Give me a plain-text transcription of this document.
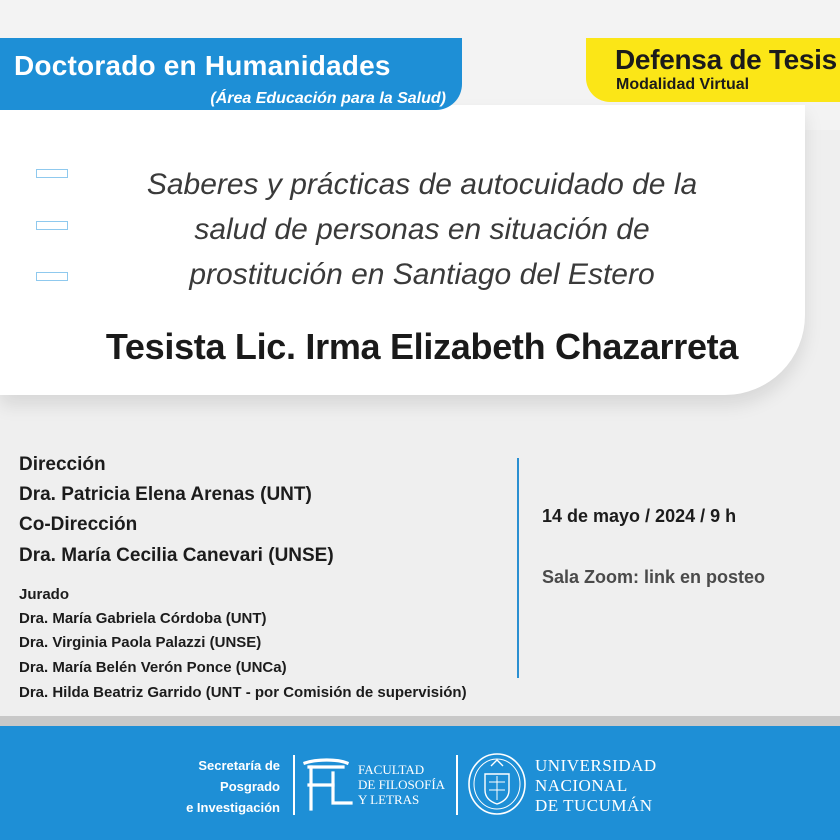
Doctorado en Humanidades
(Área Educación para la Salud)
Defensa de Tesis
Modalidad Virtual
Saberes y prácticas de autocuidado de la
salud de personas en situación de
prostitución en Santiago del Estero
Tesista Lic. Irma Elizabeth Chazarreta
Dirección
Dra. Patricia Elena Arenas (UNT)
Co-Dirección
Dra. María Cecilia Canevari (UNSE)
Jurado
Dra. María Gabriela Córdoba (UNT)
Dra. Virginia Paola Palazzi (UNSE)
Dra. María Belén Verón Ponce (UNCa)
Dra. Hilda Beatriz Garrido (UNT - por Comisión de supervisión)
14 de mayo / 2024 / 9 h
Sala Zoom: link en posteo
Secretaría de
Posgrado
e Investigación
FACULTAD
DE FILOSOFÍA
Y LETRAS
UNIVERSIDAD
NACIONAL
DE TUCUMÁN
